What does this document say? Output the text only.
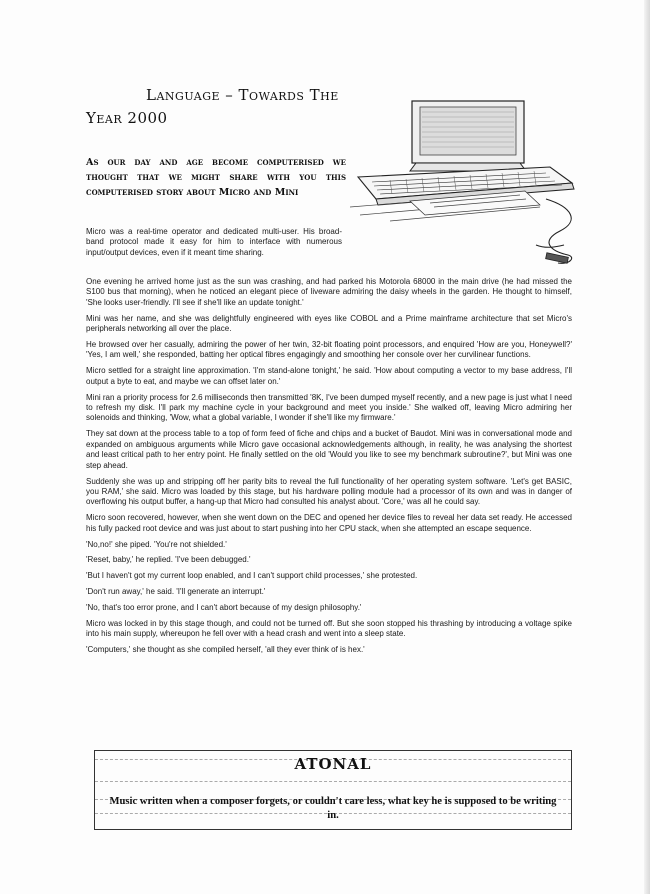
Language – Towards The
Year 2000
As our day and age become computerised we thought that we might share with you this computerised story about Micro and Mini
Micro was a real-time operator and dedicated multi-user. His broad-band protocol made it easy for him to interface with numerous input/output devices, even if it meant time sharing.

One evening he arrived home just as the sun was crashing, and had parked his Motorola 68000 in the main drive (he had missed the S100 bus that morning), when he noticed an elegant piece of liveware admiring the daisy wheels in the garden. He thought to himself, 'She looks user-friendly. I'll see if she'll like an update tonight.'

Mini was her name, and she was delightfully engineered with eyes like COBOL and a Prime mainframe architecture that set Micro's peripherals networking all over the place.

He browsed over her casually, admiring the power of her twin, 32-bit floating point processors, and enquired 'How are you, Honeywell?' 'Yes, I am well,' she responded, batting her optical fibres engagingly and smoothing her console over her curvilinear functions.

Micro settled for a straight line approximation. 'I'm stand-alone tonight,' he said. 'How about computing a vector to my base address, I'll output a byte to eat, and maybe we can offset later on.'

Mini ran a priority process for 2.6 milliseconds then transmitted '8K, I've been dumped myself recently, and a new page is just what I need to refresh my disk. I'll park my machine cycle in your background and meet you inside.' She walked off, leaving Micro admiring her solenoids and thinking, 'Wow, what a global variable, I wonder if she'll like my firmware.'

They sat down at the process table to a top of form feed of fiche and chips and a bucket of Baudot. Mini was in conversational mode and expanded on ambiguous arguments while Micro gave occasional acknowledgements although, in reality, he was analysing the shortest and least critical path to her entry point. He finally settled on the old 'Would you like to see my benchmark subroutine?', but Mini was one step ahead.

Suddenly she was up and stripping off her parity bits to reveal the full functionality of her operating system software. 'Let's get BASIC, you RAM,' she said. Micro was loaded by this stage, but his hardware polling module had a processor of its own and was in danger of overflowing his output buffer, a hang-up that Micro had consulted his analyst about. 'Core,' was all he could say.

Micro soon recovered, however, when she went down on the DEC and opened her device files to reveal her data set ready. He accessed his fully packed root device and was just about to start pushing into her CPU stack, when she attempted an escape sequence.

'No,no!' she piped. 'You're not shielded.'

'Reset, baby,' he replied. 'I've been debugged.'

'But I haven't got my current loop enabled, and I can't support child processes,' she protested.

'Don't run away,' he said. 'I'll generate an interrupt.'

'No, that's too error prone, and I can't abort because of my design philosophy.'

Micro was locked in by this stage though, and could not be turned off. But she soon stopped his thrashing by introducing a voltage spike into his main supply, whereupon he fell over with a head crash and went into a sleep state.

'Computers,' she thought as she compiled herself, 'all they ever think of is hex.'

ATONAL
Music written when a composer forgets, or couldn't care less, what key he is supposed to be writing in.
